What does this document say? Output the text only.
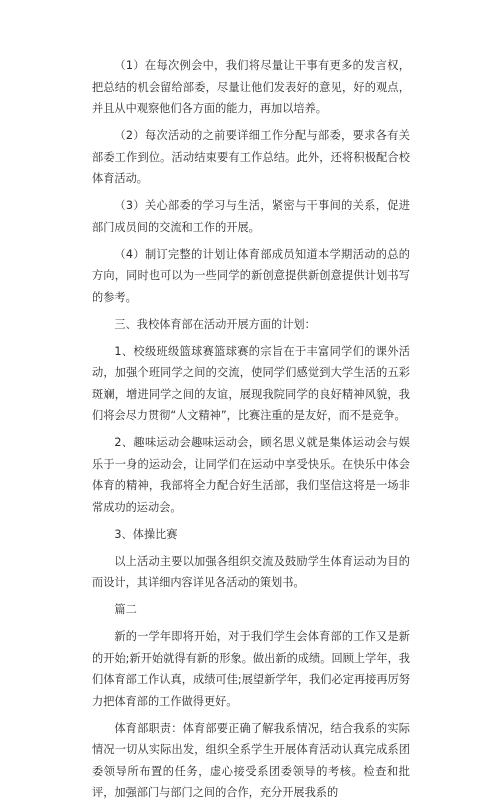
（1）在每次例会中，我们将尽量让干事有更多的发言权，把总结的机会留给部委，尽量让他们发表好的意见，好的观点，并且从中观察他们各方面的能力，再加以培养。

（2）每次活动的之前要详细工作分配与部委，要求各有关部委工作到位。活动结束要有工作总结。此外，还将积极配合校体育活动。

（3）关心部委的学习与生活，紧密与干事间的关系，促进部门成员间的交流和工作的开展。

（4）制订完整的计划让体育部成员知道本学期活动的总的方向，同时也可以为一些同学的新创意提供新创意提供计划书写的参考。

三、我校体育部在活动开展方面的计划：

1、校级班级篮球赛篮球赛的宗旨在于丰富同学们的课外活动，加强个班同学之间的交流，使同学们感觉到大学生活的五彩斑斓，增进同学之间的友谊，展现我院同学的良好精神风貌，我们将会尽力贯彻“人文精神”，比赛注重的是友好，而不是竞争。

2、趣味运动会趣味运动会，顾名思义就是集体运动会与娱乐于一身的运动会，让同学们在运动中享受快乐。在快乐中体会体育的精神，我部将全力配合好生活部，我们坚信这将是一场非常成功的运动会。

3、体操比赛

以上活动主要以加强各组织交流及鼓励学生体育运动为目的而设计，其详细内容详见各活动的策划书。

篇二

新的一学年即将开始，对于我们学生会体育部的工作又是新的开始;新开始就得有新的形象。做出新的成绩。回顾上学年，我们体育部工作认真，成绩可佳;展望新学年，我们必定再接再厉努力把体育部的工作做得更好。

体育部职责：体育部要正确了解我系情况，结合我系的实际情况一切从实际出发，组织全系学生开展体育活动认真完成系团委领导所布置的任务，虚心接受系团委领导的考核。检查和批评，加强部门与部门之间的合作，充分开展我系的
